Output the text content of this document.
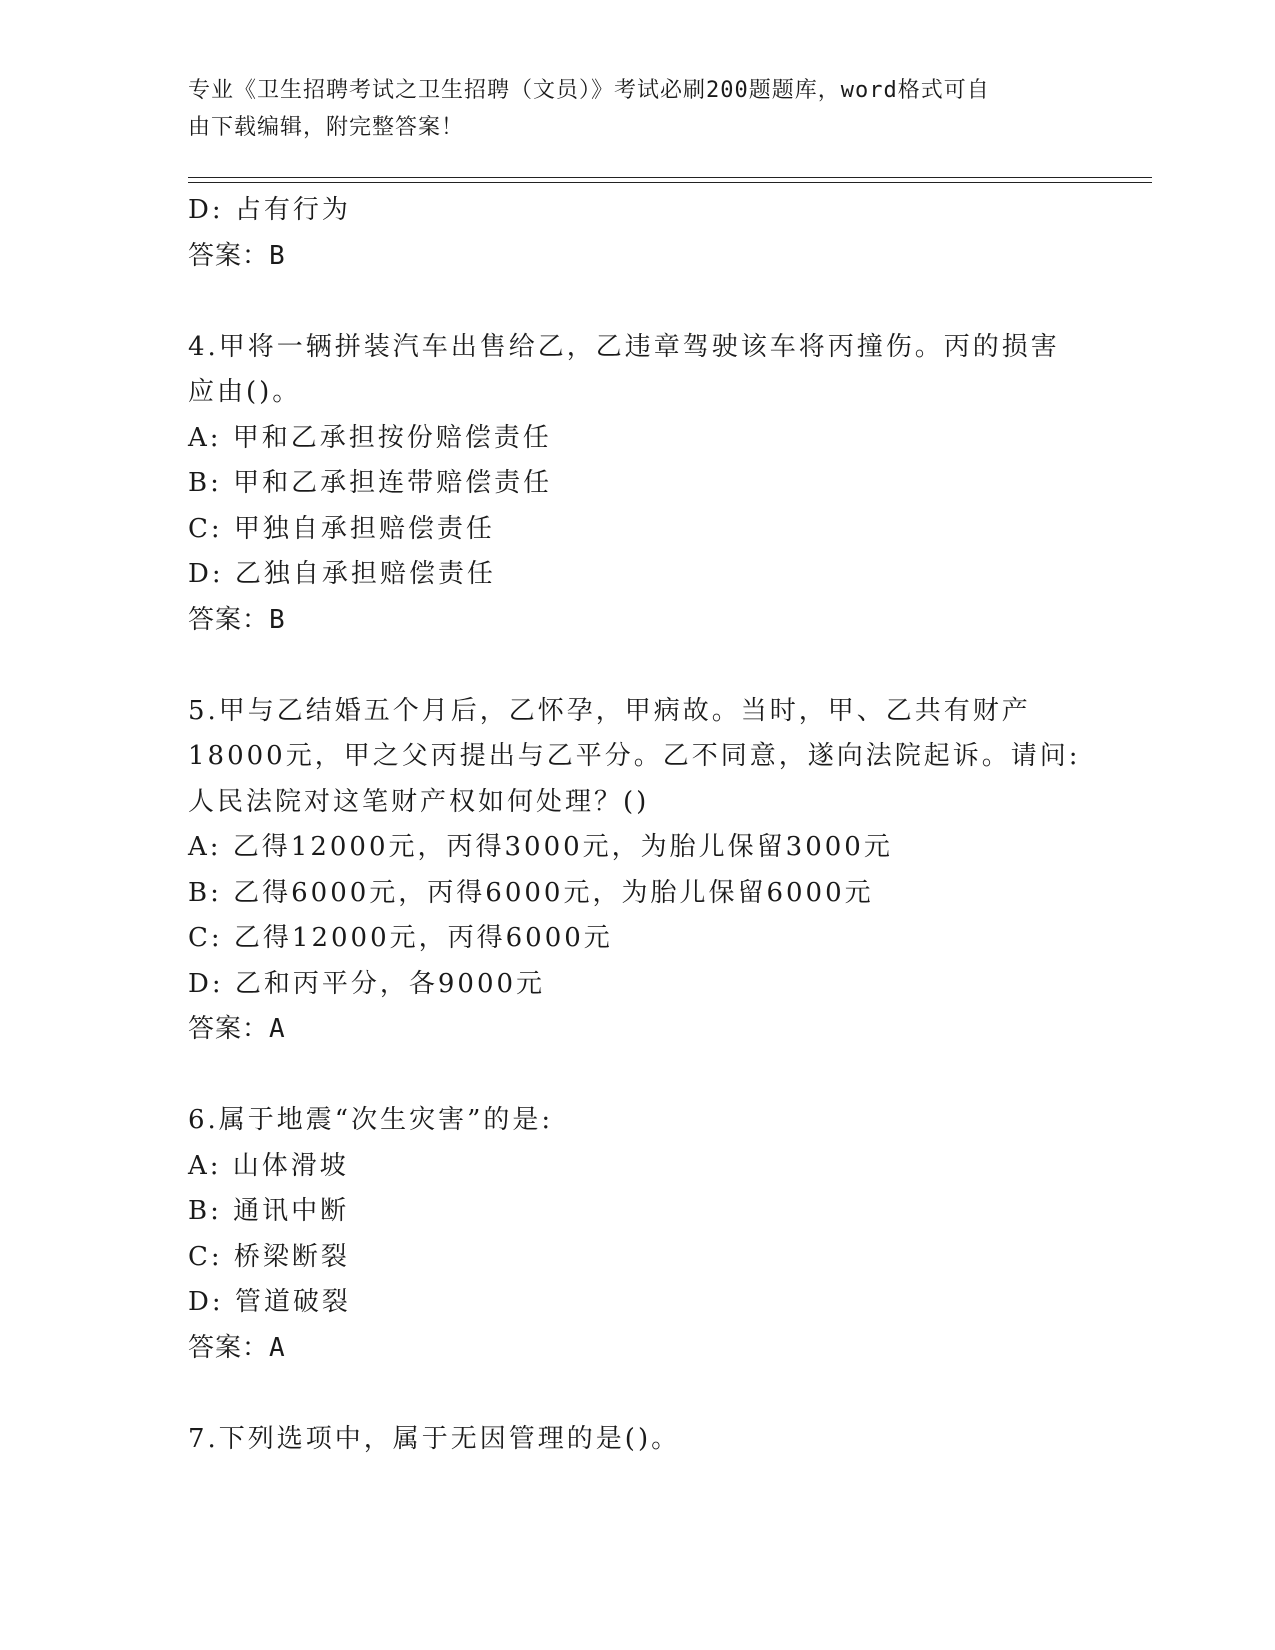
专业《卫生招聘考试之卫生招聘（文员）》考试必刷200题题库，word格式可自
由下载编辑，附完整答案！
D: 占有行为
答案：B
4.甲将一辆拼装汽车出售给乙，乙违章驾驶该车将丙撞伤。丙的损害
应由()。
A: 甲和乙承担按份赔偿责任
B: 甲和乙承担连带赔偿责任
C: 甲独自承担赔偿责任
D: 乙独自承担赔偿责任
答案：B
5.甲与乙结婚五个月后，乙怀孕，甲病故。当时，甲、乙共有财产
18000元，甲之父丙提出与乙平分。乙不同意，遂向法院起诉。请问:
人民法院对这笔财产权如何处理？()
A: 乙得12000元，丙得3000元，为胎儿保留3000元
B: 乙得6000元，丙得6000元，为胎儿保留6000元
C: 乙得12000元，丙得6000元
D: 乙和丙平分，各9000元
答案：A
6.属于地震“次生灾害”的是:
A: 山体滑坡
B: 通讯中断
C: 桥梁断裂
D: 管道破裂
答案：A
7.下列选项中，属于无因管理的是()。
